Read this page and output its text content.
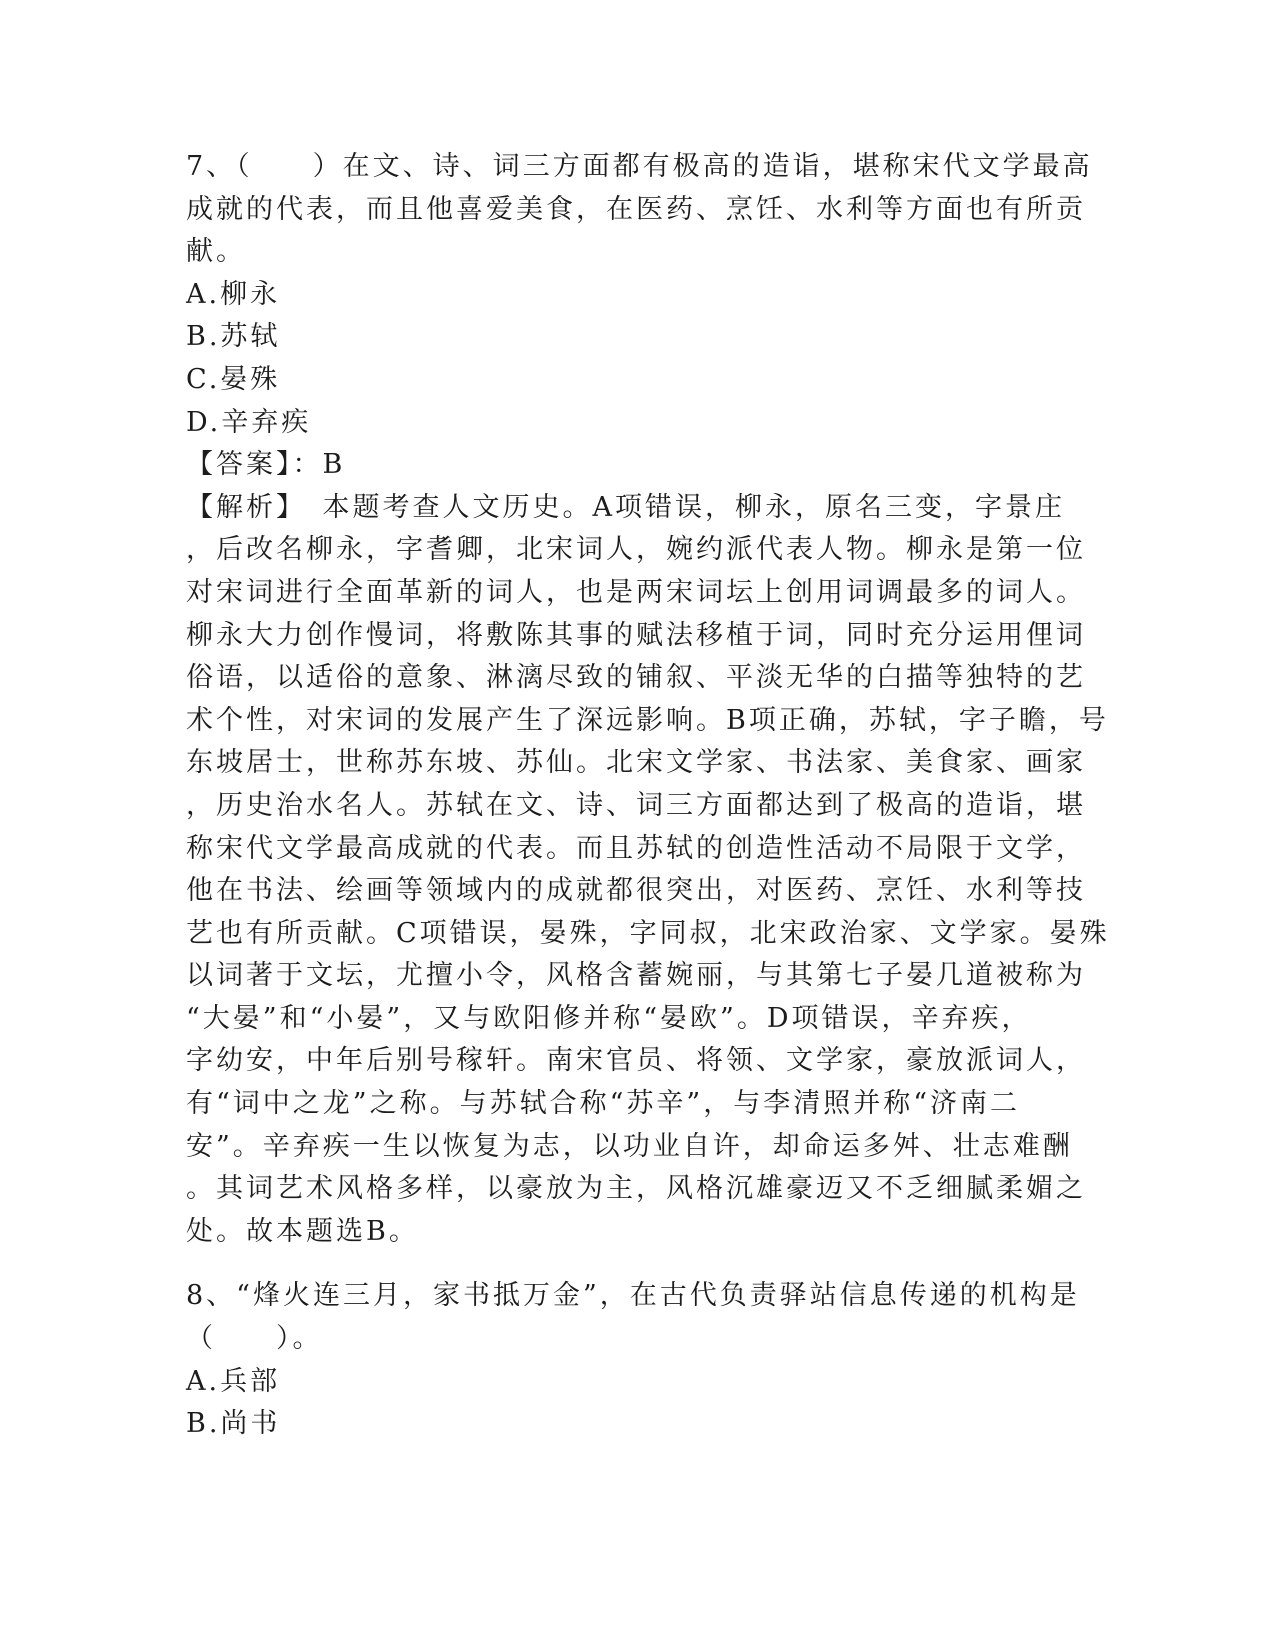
7、（　　）在文、诗、词三方面都有极高的造诣，堪称宋代文学最高
成就的代表，而且他喜爱美食，在医药、烹饪、水利等方面也有所贡
献。
A.柳永
B.苏轼
C.晏殊
D.辛弃疾
【答案】：B
【解析】　本题考查人文历史。A项错误，柳永，原名三变，字景庄
，后改名柳永，字耆卿，北宋词人，婉约派代表人物。柳永是第一位
对宋词进行全面革新的词人，也是两宋词坛上创用词调最多的词人。
柳永大力创作慢词，将敷陈其事的赋法移植于词，同时充分运用俚词
俗语，以适俗的意象、淋漓尽致的铺叙、平淡无华的白描等独特的艺
术个性，对宋词的发展产生了深远影响。B项正确，苏轼，字子瞻，号
东坡居士，世称苏东坡、苏仙。北宋文学家、书法家、美食家、画家
，历史治水名人。苏轼在文、诗、词三方面都达到了极高的造诣，堪
称宋代文学最高成就的代表。而且苏轼的创造性活动不局限于文学，
他在书法、绘画等领域内的成就都很突出，对医药、烹饪、水利等技
艺也有所贡献。C项错误，晏殊，字同叔，北宋政治家、文学家。晏殊
以词著于文坛，尤擅小令，风格含蓄婉丽，与其第七子晏几道被称为
“大晏”和“小晏”，又与欧阳修并称“晏欧”。D项错误，辛弃疾，
字幼安，中年后别号稼轩。南宋官员、将领、文学家，豪放派词人，
有“词中之龙”之称。与苏轼合称“苏辛”，与李清照并称“济南二
安”。辛弃疾一生以恢复为志，以功业自许，却命运多舛、壮志难酬
。其词艺术风格多样，以豪放为主，风格沉雄豪迈又不乏细腻柔媚之
处。故本题选B。
8、“烽火连三月，家书抵万金”，在古代负责驿站信息传递的机构是
（　　）。
A.兵部
B.尚书
